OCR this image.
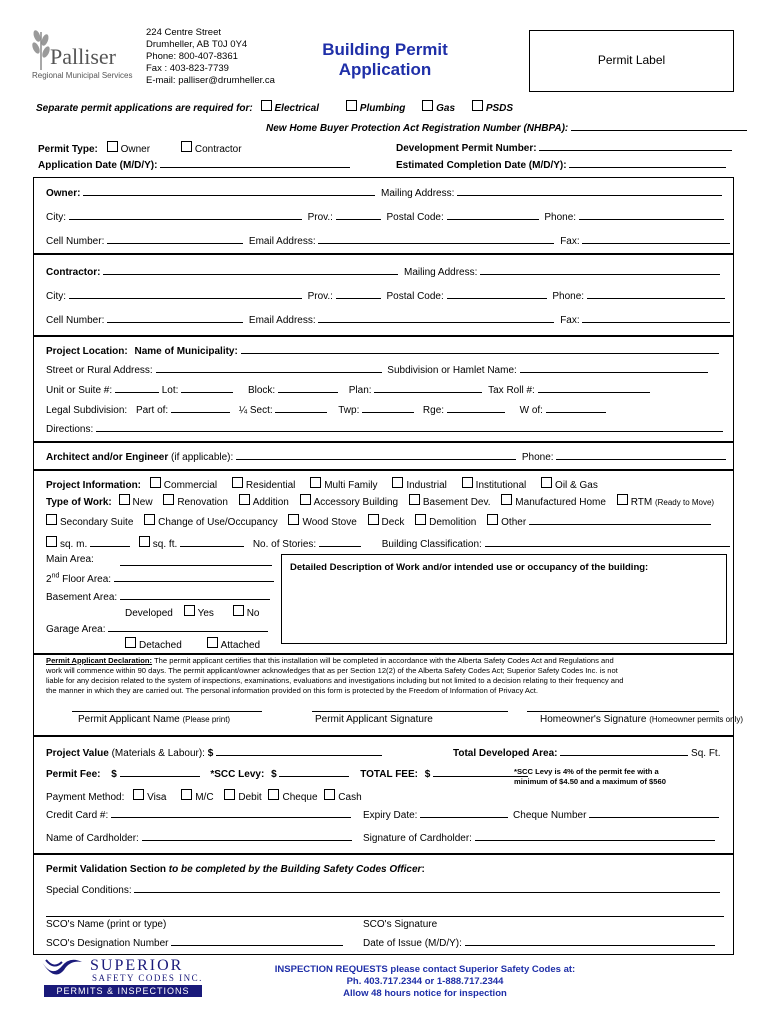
Palliser
Regional Municipal Services
224 Centre Street
Drumheller, AB T0J 0Y4
Phone: 800-407-8361
Fax : 403-823-7739
E-mail: palliser@drumheller.ca
Building Permit
Application	Permit Label
Separate permit applications are required for: Electrical	Plumbing	Gas	PSDS
New Home Buyer Protection Act Registration Number (NHBPA):
Permit Type: Owner	Contractor	Development Permit Number:
Application Date (M/D/Y):	Estimated Completion Date (M/D/Y):
Owner:	Mailing Address:
City:	Prov.:	Postal Code:	Phone:
Cell Number:	Email Address:	Fax:
Contractor:	Mailing Address:
City:	Prov.:	Postal Code:	Phone:
Cell Number:	Email Address:	Fax:
Project Location: Name of Municipality:
Street or Rural Address:	Subdivision or Hamlet Name:
Unit or Suite #:	Lot:	Block:	Plan:	Tax Roll #:
Legal Subdivision: Part of:	¼ Sect:	Twp:	Rge:	W of:
Directions:
Architect and/or Engineer (if applicable):	Phone:
Project Information: Commercial	Residential	Multi Family	Industrial	Institutional	Oil & Gas
Type of Work: New Renovation Addition Accessory Building Basement Dev. Manufactured Home RTM (Ready to Move)
Secondary Suite Change of Use/Occupancy Wood Stove Deck Demolition Other
sq. m.	sq. ft.	No. of Stories:	Building Classification:
Main Area:
2nd Floor Area:
Basement Area:
Developed Yes	No
Garage Area:
Detached	Attached
Detailed Description of Work and/or intended use or occupancy of the building:
Permit Applicant Declaration: The permit applicant certifies that this installation will be completed in accordance with the Alberta Safety Codes Act and Regulations and
work will commence within 90 days. The permit applicant/owner acknowledges that as per Section 12(2) of the Alberta Safety Codes Act; Superior Safety Codes Inc. is not
liable for any decision related to the system of inspections, examinations, evaluations and investigations including but not limited to a decision relating to their frequency and
the manner in which they are carried out. The personal information provided on this form is protected by the Freedom of Information of Privacy Act.
Permit Applicant Name (Please print)	Permit Applicant Signature	Homeowner's Signature (Homeowner permits only)
Project Value (Materials & Labour): $	Total Developed Area:	Sq. Ft.
Permit Fee: $	*SCC Levy: $	TOTAL FEE: $	*SCC Levy is 4% of the permit fee with a
minimum of $4.50 and a maximum of $560
Payment Method: Visa	M/C Debit Cheque Cash
Credit Card #:	Expiry Date:	Cheque Number
Name of Cardholder:	Signature of Cardholder:
Permit Validation Section to be completed by the Building Safety Codes Officer:
Special Conditions:
SCO's Name (print or type)	SCO's Signature
SCO's Designation Number	Date of Issue (M/D/Y):
SUPERIOR
SAFETY CODES INC.
PERMITS & INSPECTIONS
INSPECTION REQUESTS please contact Superior Safety Codes at:
Ph. 403.717.2344 or 1-888.717.2344
Allow 48 hours notice for inspection
